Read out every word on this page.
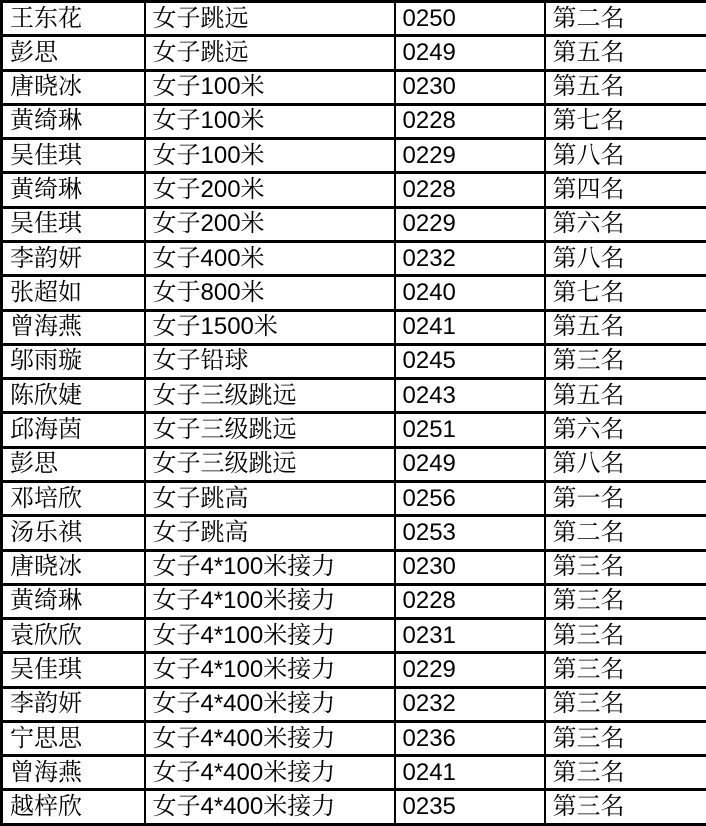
王东花	女子跳远	0250	第二名
彭思	女子跳远	0249	第五名
唐晓冰	女子100米	0230	第五名
黄绮琳	女子100米	0228	第七名
吴佳琪	女子100米	0229	第八名
黄绮琳	女子200米	0228	第四名
吴佳琪	女子200米	0229	第六名
李韵妍	女子400米	0232	第八名
张超如	女于800米	0240	第七名
曾海燕	女子1500米	0241	第五名
邬雨璇	女子铅球	0245	第三名
陈欣婕	女子三级跳远	0243	第五名
邱海茵	女子三级跳远	0251	第六名
彭思	女子三级跳远	0249	第八名
邓培欣	女子跳高	0256	第一名
汤乐祺	女子跳高	0253	第二名
唐晓冰	女子4*100米接力	0230	第三名
黄绮琳	女子4*100米接力	0228	第三名
袁欣欣	女子4*100米接力	0231	第三名
吴佳琪	女子4*100米接力	0229	第三名
李韵妍	女子4*400米接力	0232	第三名
宁思思	女子4*400米接力	0236	第三名
曾海燕	女子4*400米接力	0241	第三名
越梓欣	女子4*400米接力	0235	第三名
